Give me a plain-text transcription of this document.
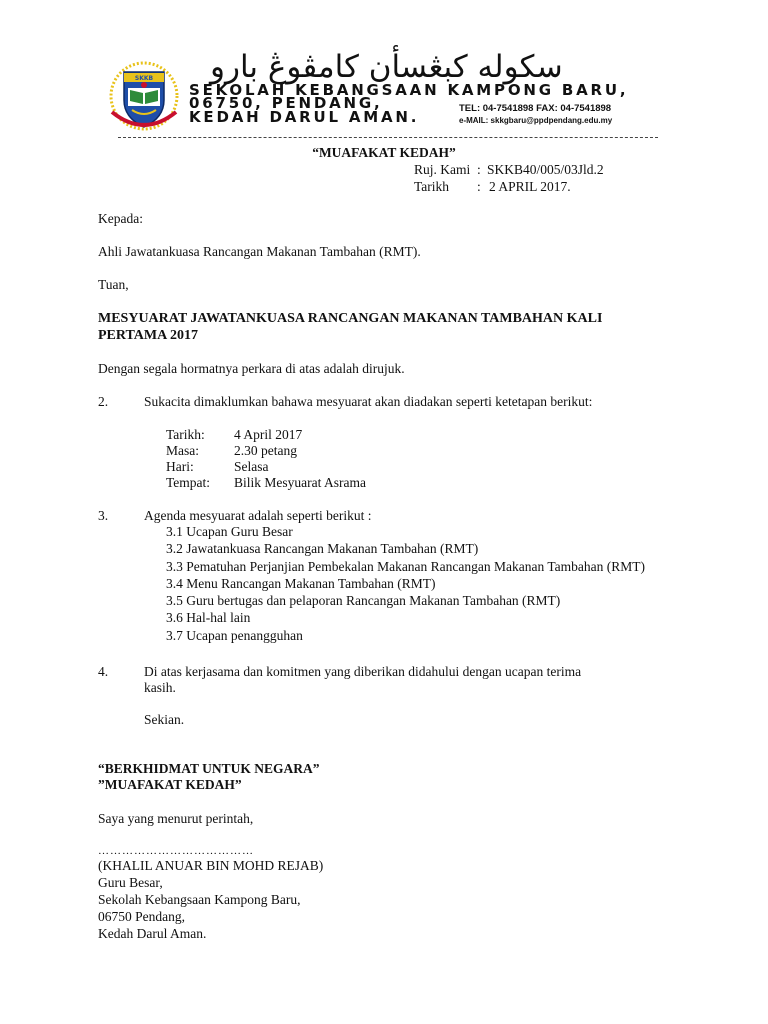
SKKB سکوله کبڠسأن کامڤوڠ بارو
SEKOLAH KEBANGSAAN KAMPONG BARU,
06750, PENDANG,
KEDAH DARUL AMAN.	TEL: 04-7541898 FAX: 04-7541898
e-MAIL: skkgbaru@ppdpendang.edu.my
“MUAFAKAT KEDAH”
Ruj. Kami : SKKB40/005/03Jld.2
Tarikh : 2 APRIL 2017.
Kepada:
Ahli Jawatankuasa Rancangan Makanan Tambahan (RMT).
Tuan,
MESYUARAT JAWATANKUASA RANCANGAN MAKANAN TAMBAHAN KALI
PERTAMA 2017
Dengan segala hormatnya perkara di atas adalah dirujuk.
2.	Sukacita dimaklumkan bahawa mesyuarat akan diadakan seperti ketetapan berikut:
Tarikh: 4 April 2017
Masa:	2.30 petang
Hari:	Selasa
Tempat: Bilik Mesyuarat Asrama
3.	Agenda mesyuarat adalah seperti berikut :
3.1 Ucapan Guru Besar
3.2 Jawatankuasa Rancangan Makanan Tambahan (RMT)
3.3 Pematuhan Perjanjian Pembekalan Makanan Rancangan Makanan Tambahan (RMT)
3.4 Menu Rancangan Makanan Tambahan (RMT)
3.5 Guru bertugas dan pelaporan Rancangan Makanan Tambahan (RMT)
3.6 Hal-hal lain
3.7 Ucapan penangguhan
4.	Di atas kerjasama dan komitmen yang diberikan didahului dengan ucapan terima
kasih.
Sekian.
“BERKHIDMAT UNTUK NEGARA”
”MUAFAKAT KEDAH”
Saya yang menurut perintah,
…………………………………
(KHALIL ANUAR BIN MOHD REJAB)
Guru Besar,
Sekolah Kebangsaan Kampong Baru,
06750 Pendang,
Kedah Darul Aman.
